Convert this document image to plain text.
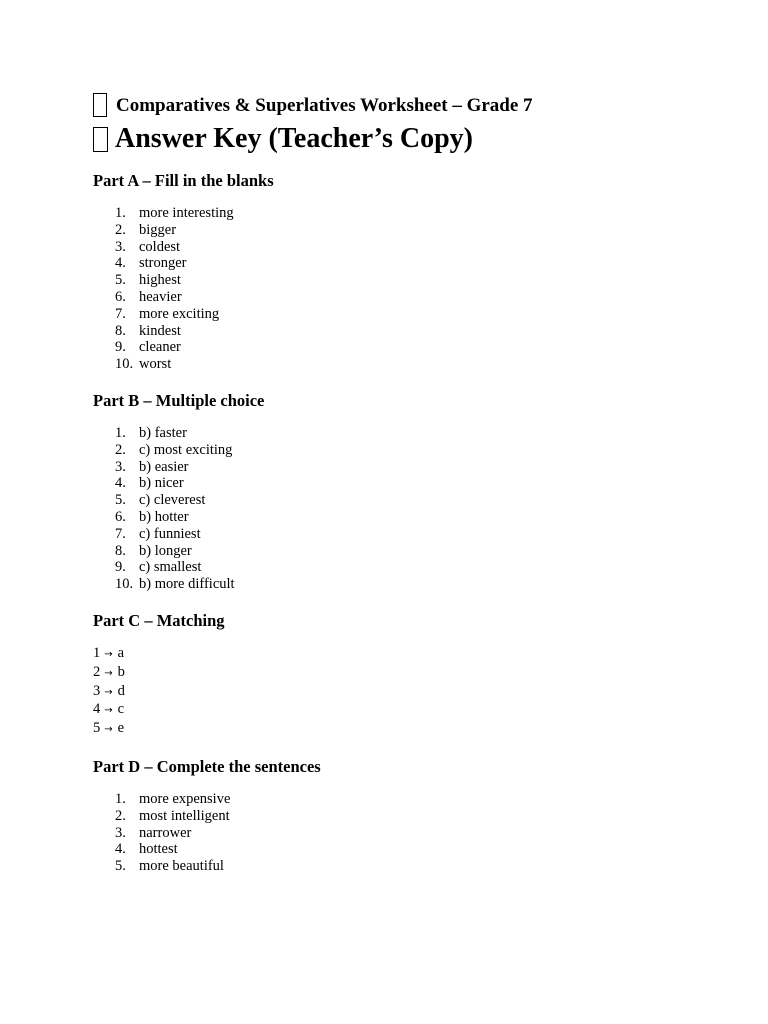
Comparatives & Superlatives Worksheet – Grade 7
Answer Key (Teacher’s Copy)
Part A – Fill in the blanks
1. more interesting
2. bigger
3. coldest
4. stronger
5. highest
6. heavier
7. more exciting
8. kindest
9. cleaner
10. worst
Part B – Multiple choice
1. b) faster
2. c) most exciting
3. b) easier
4. b) nicer
5. c) cleverest
6. b) hotter
7. c) funniest
8. b) longer
9. c) smallest
10. b) more difficult
Part C – Matching
1 → a
2 → b
3 → d
4 → c
5 → e
Part D – Complete the sentences
1. more expensive
2. most intelligent
3. narrower
4. hottest
5. more beautiful
